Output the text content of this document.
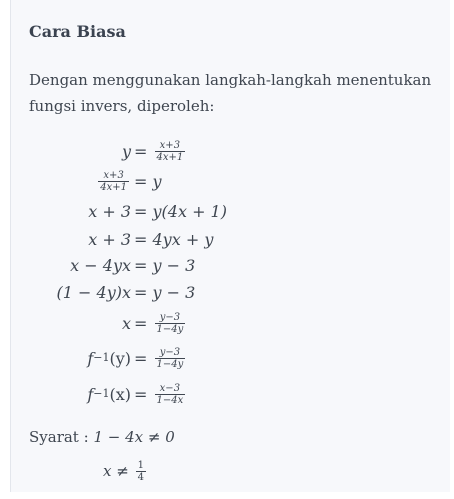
Cara Biasa
Dengan menggunakan langkah-langkah menentukan fungsi invers, diperoleh:
$y = \frac{x+3}{4x+1}$
$\frac{x+3}{4x+1} = y$
x + 3 = y(4x + 1)
x + 3 = 4yx + y
x − 4yx = y − 3
(1 − 4y)x = y − 3
$x = \frac{y-3}{1-4y}$
f −1 $(y) = \frac{y-3}{1-4y}$
f −1 $(x) = \frac{x-3}{1-4x}$
Syarat : 1 − 4x ≠ 0
$x \ne \frac{1}{4}$
